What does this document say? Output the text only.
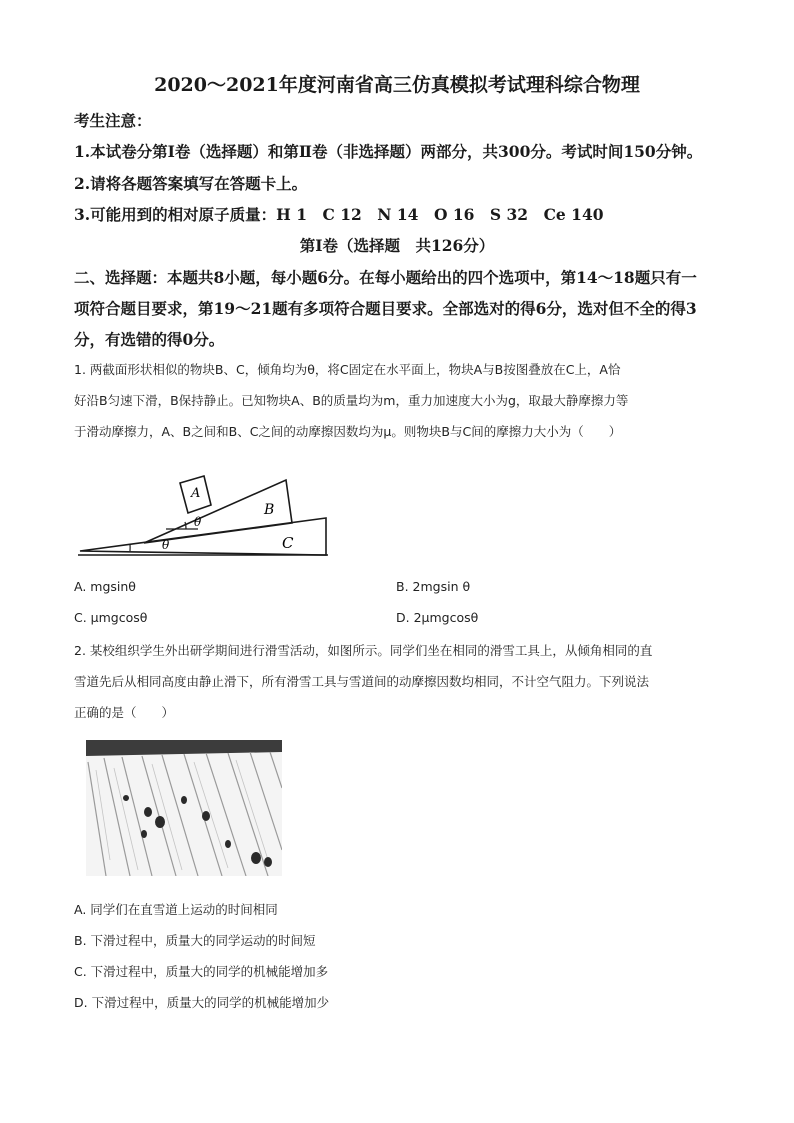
2020～2021年度河南省高三仿真模拟考试理科综合物理
考生注意：
1.本试卷分第Ⅰ卷（选择题）和第Ⅱ卷（非选择题）两部分，共300分。考试时间150分钟。
2.请将各题答案填写在答题卡上。
3.可能用到的相对原子质量：H 1　C 12　N 14　O 16　S 32　Ce 140
第Ⅰ卷（选择题　共126分）
二、选择题：本题共8小题，每小题6分。在每小题给出的四个选项中，第14～18题只有一
项符合题目要求，第19～21题有多项符合题目要求。全部选对的得6分，选对但不全的得3
分，有选错的得0分。
1. 两截面形状相似的物块B、C，倾角均为θ，将C固定在水平面上，物块A与B按图叠放在C上，A恰
好沿B匀速下滑，B保持静止。已知物块A、B的质量均为m，重力加速度大小为g，取最大静摩擦力等
于滑动摩擦力，A、B之间和B、C之间的动摩擦因数均为μ。则物块B与C间的摩擦力大小为（　　）
A
B
C
θ
θ
A. mgsinθ	B. 2mgsin θ
C. μmgcosθ	D. 2μmgcosθ
2. 某校组织学生外出研学期间进行滑雪活动，如图所示。同学们坐在相同的滑雪工具上，从倾角相同的直
雪道先后从相同高度由静止滑下，所有滑雪工具与雪道间的动摩擦因数均相同，不计空气阻力。下列说法
正确的是（　　）
A. 同学们在直雪道上运动的时间相同
B. 下滑过程中，质量大的同学运动的时间短
C. 下滑过程中，质量大的同学的机械能增加多
D. 下滑过程中，质量大的同学的机械能增加少
